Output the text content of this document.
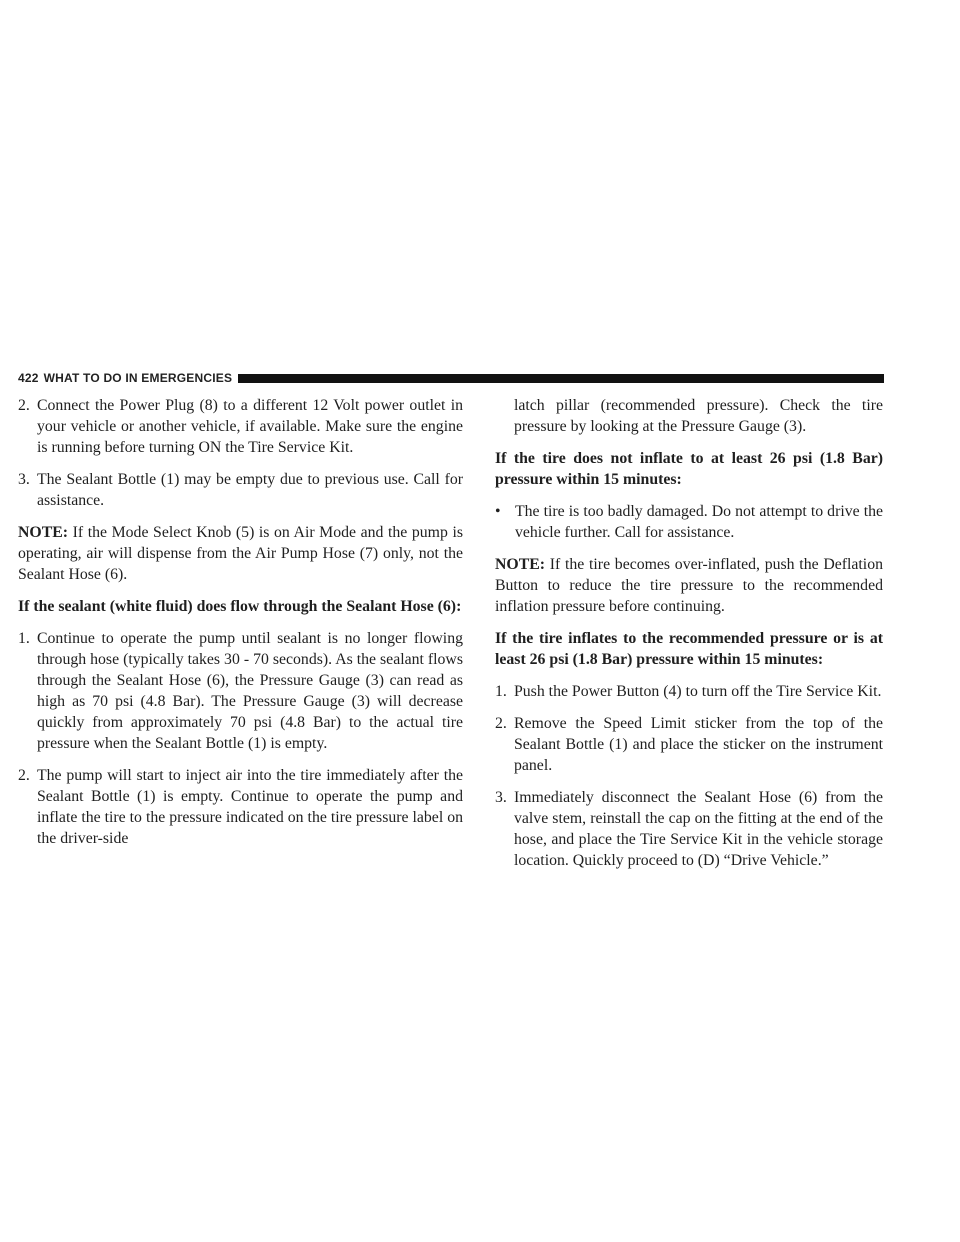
422 WHAT TO DO IN EMERGENCIES
2. Connect the Power Plug (8) to a different 12 Volt power outlet in your vehicle or another vehicle, if available. Make sure the engine is running before turning ON the Tire Service Kit.
3. The Sealant Bottle (1) may be empty due to previous use. Call for assistance.

NOTE: If the Mode Select Knob (5) is on Air Mode and the pump is operating, air will dispense from the Air Pump Hose (7) only, not the Sealant Hose (6).

If the sealant (white fluid) does flow through the Sealant Hose (6):

1. Continue to operate the pump until sealant is no longer flowing through hose (typically takes 30 - 70 seconds). As the sealant flows through the Sealant Hose (6), the Pressure Gauge (3) can read as high as 70 psi (4.8 Bar). The Pressure Gauge (3) will decrease quickly from approximately 70 psi (4.8 Bar) to the actual tire pressure when the Sealant Bottle (1) is empty.
2. The pump will start to inject air into the tire immediately after the Sealant Bottle (1) is empty. Continue to operate the pump and inflate the tire to the pressure indicated on the tire pressure label on the driver-side

latch pillar (recommended pressure). Check the tire pressure by looking at the Pressure Gauge (3).

If the tire does not inflate to at least 26 psi (1.8 Bar) pressure within 15 minutes:

• The tire is too badly damaged. Do not attempt to drive the vehicle further. Call for assistance.

NOTE: If the tire becomes over-inflated, push the Deflation Button to reduce the tire pressure to the recommended inflation pressure before continuing.

If the tire inflates to the recommended pressure or is at least 26 psi (1.8 Bar) pressure within 15 minutes:

1. Push the Power Button (4) to turn off the Tire Service Kit.
2. Remove the Speed Limit sticker from the top of the Sealant Bottle (1) and place the sticker on the instrument panel.
3. Immediately disconnect the Sealant Hose (6) from the valve stem, reinstall the cap on the fitting at the end of the hose, and place the Tire Service Kit in the vehicle storage location. Quickly proceed to (D) “Drive Vehicle.”
